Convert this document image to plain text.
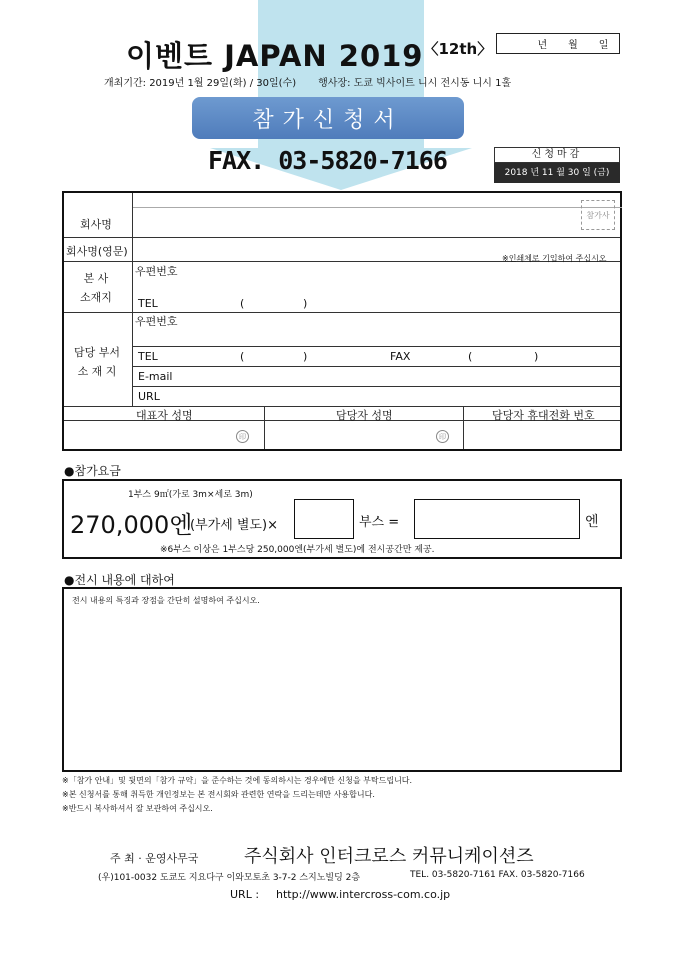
이벤트 JAPAN $2019^{〈12th〉}$	년 월 일
개최기간: 2019년 1월 29일(화) / 30일(수) 행사장: 도쿄 빅사이트 니시 전시동 니시 1홀
참가신청서
FAX. 03-5820-7166	신청마감
2018 년 11 월 30 일 (금)
회사명
회사명(영문)
※인쇄체로 기입하여 주십시오
본 사
소재지
우편번호
TEL	(	)
담당 부서
소 재 지
우편번호
TEL	(	)	FAX	(	)
E-mail
URL
대표자 성명	담당자 성명	담당자 휴대전화 번호
印	印
참가사
●참가요금
1부스 9㎡(가로 3m×세로 3m)
270,000엔
(부가세 별도)×	부스 =	엔
※6부스 이상은 1부스당 250,000엔(부가세 별도)에 전시공간만 제공.
●전시 내용에 대하여
전시 내용의 특징과 장점을 간단히 설명하여 주십시오.
※「참가 안내」및 뒷면의「참가 규약」을 준수하는 것에 동의하시는 경우에만 신청을 부탁드립니다.
※본 신청서를 통해 취득한 개인정보는 본 전시회와 관련한 연락을 드리는데만 사용합니다.
※반드시 복사하셔서 잘 보관하여 주십시오.
주 최 · 운영사무국	주식회사 인터크로스 커뮤니케이션즈
(우)101-0032 도쿄도 지요다구 이와모토초 3-7-2 스지노빌딩 2층	TEL. 03-5820-7161 FAX. 03-5820-7166
URL : http://www.intercross-com.co.jp
